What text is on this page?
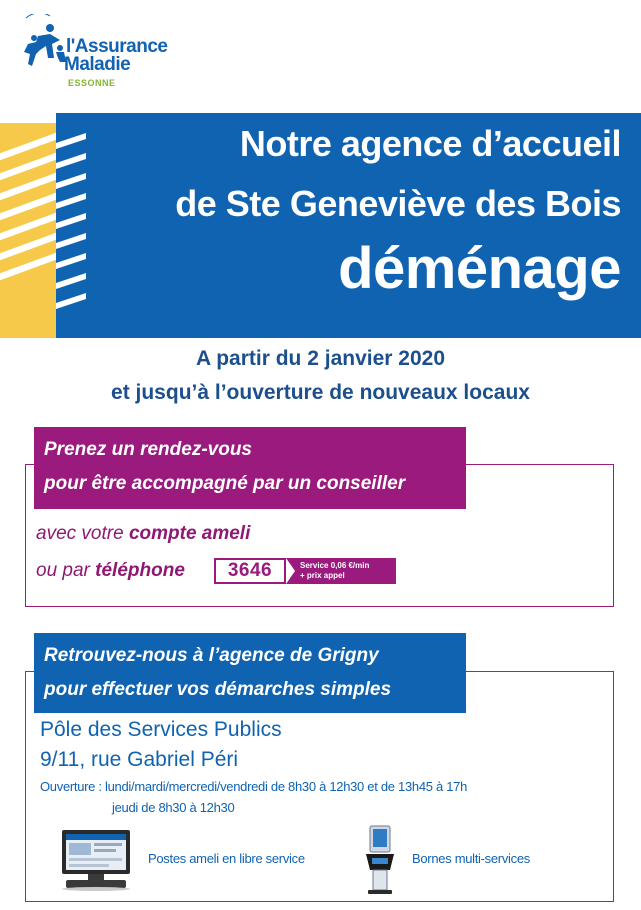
l'Assurance
Maladie
ESSONNE
Notre agence d’accueil
de Ste Geneviève des Bois
déménage
A partir du 2 janvier 2020
et jusqu’à l’ouverture de nouveaux locaux
Prenez un rendez-vous
pour être accompagné par un conseiller
avec votre compte ameli
ou par téléphone	3646	Service 0,06 €/min
+ prix appel
Retrouvez-nous à l’agence de Grigny
pour effectuer vos démarches simples
Pôle des Services Publics
9/11, rue Gabriel Péri
Ouverture : lundi/mardi/mercredi/vendredi de 8h30 à 12h30 et de 13h45 à 17h
jeudi de 8h30 à 12h30
Postes ameli en libre service	Bornes multi-services
